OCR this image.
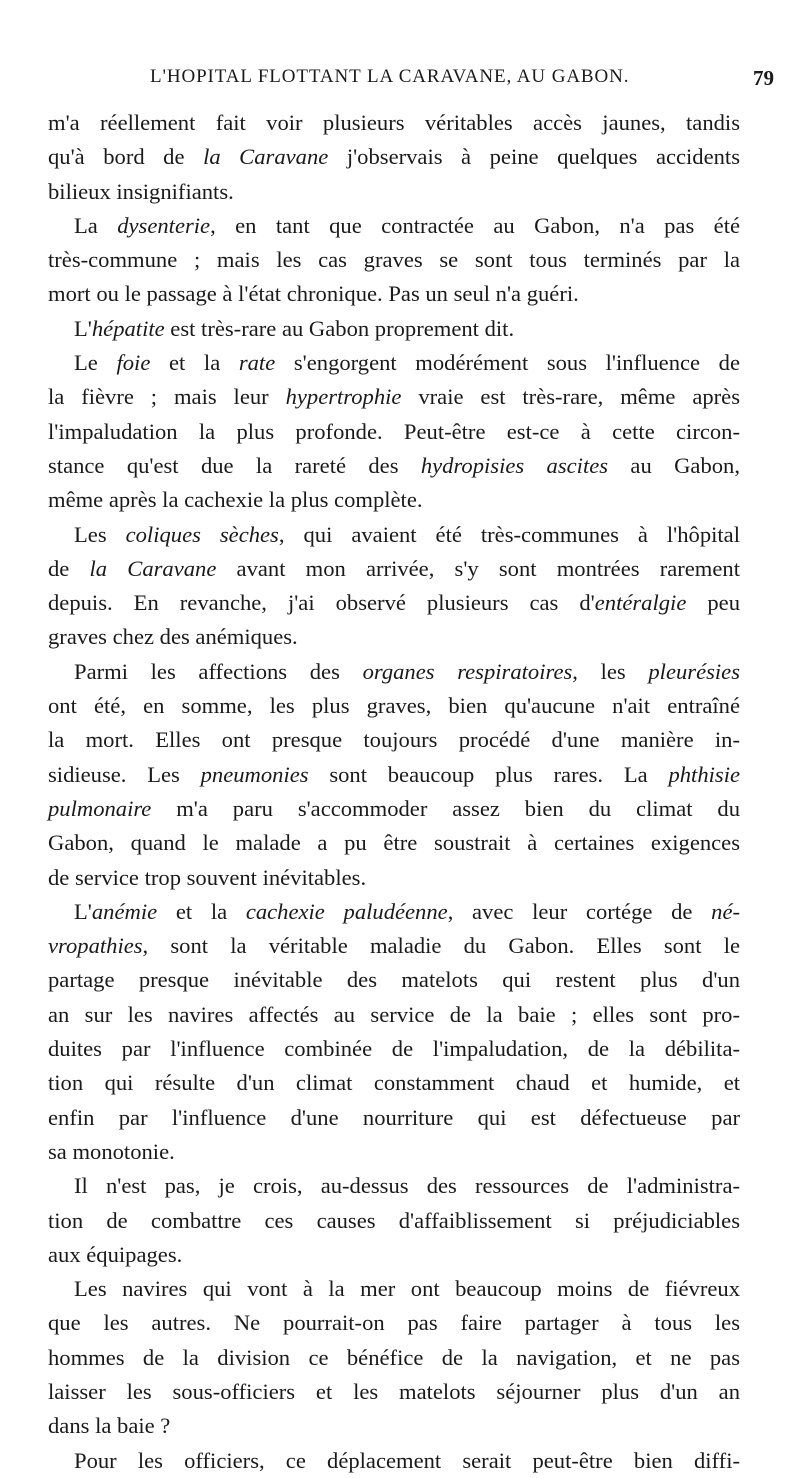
L'HOPITAL FLOTTANT LA CARAVANE, AU GABON.	79
m'a réellement fait voir plusieurs véritables accès jaunes, tandis
qu'à bord de la Caravane j'observais à peine quelques accidents
bilieux insignifiants.
La dysenterie, en tant que contractée au Gabon, n'a pas été
très-commune ; mais les cas graves se sont tous terminés par la
mort ou le passage à l'état chronique. Pas un seul n'a guéri.
L'hépatite est très-rare au Gabon proprement dit.
Le foie et la rate s'engorgent modérément sous l'influence de
la fièvre ; mais leur hypertrophie vraie est très-rare, même après
l'impaludation la plus profonde. Peut-être est-ce à cette circon-
stance qu'est due la rareté des hydropisies ascites au Gabon,
même après la cachexie la plus complète.
Les coliques sèches, qui avaient été très-communes à l'hôpital
de la Caravane avant mon arrivée, s'y sont montrées rarement
depuis. En revanche, j'ai observé plusieurs cas d'entéralgie peu
graves chez des anémiques.
Parmi les affections des organes respiratoires, les pleurésies
ont été, en somme, les plus graves, bien qu'aucune n'ait entraîné
la mort. Elles ont presque toujours procédé d'une manière in-
sidieuse. Les pneumonies sont beaucoup plus rares. La phthisie
pulmonaire m'a paru s'accommoder assez bien du climat du
Gabon, quand le malade a pu être soustrait à certaines exigences
de service trop souvent inévitables.
L'anémie et la cachexie paludéenne, avec leur cortége de né-
vropathies, sont la véritable maladie du Gabon. Elles sont le
partage presque inévitable des matelots qui restent plus d'un
an sur les navires affectés au service de la baie ; elles sont pro-
duites par l'influence combinée de l'impaludation, de la débilita-
tion qui résulte d'un climat constamment chaud et humide, et
enfin par l'influence d'une nourriture qui est défectueuse par
sa monotonie.
Il n'est pas, je crois, au-dessus des ressources de l'administra-
tion de combattre ces causes d'affaiblissement si préjudiciables
aux équipages.
Les navires qui vont à la mer ont beaucoup moins de fiévreux
que les autres. Ne pourrait-on pas faire partager à tous les
hommes de la division ce bénéfice de la navigation, et ne pas
laisser les sous-officiers et les matelots séjourner plus d'un an
dans la baie ?
Pour les officiers, ce déplacement serait peut-être bien diffi-
